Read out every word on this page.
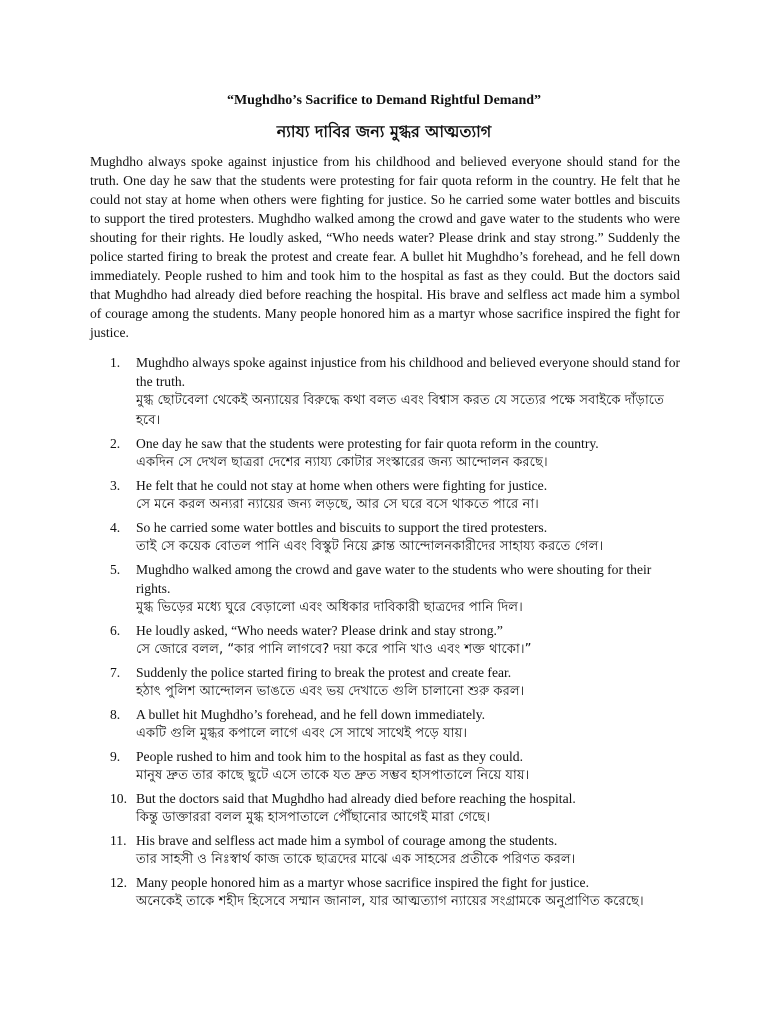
“Mughdho’s Sacrifice to Demand Rightful Demand”
ন্যায্য দাবির জন্য মুগ্ধর আত্মত্যাগ
Mughdho always spoke against injustice from his childhood and believed everyone should stand for the truth. One day he saw that the students were protesting for fair quota reform in the country. He felt that he could not stay at home when others were fighting for justice. So he carried some water bottles and biscuits to support the tired protesters. Mughdho walked among the crowd and gave water to the students who were shouting for their rights. He loudly asked, “Who needs water? Please drink and stay strong.” Suddenly the police started firing to break the protest and create fear. A bullet hit Mughdho’s forehead, and he fell down immediately. People rushed to him and took him to the hospital as fast as they could. But the doctors said that Mughdho had already died before reaching the hospital. His brave and selfless act made him a symbol of courage among the students. Many people honored him as a martyr whose sacrifice inspired the fight for justice.
1. Mughdho always spoke against injustice from his childhood and believed everyone should stand for the truth.
মুগ্ধ ছোটবেলা থেকেই অন্যায়ের বিরুদ্ধে কথা বলত এবং বিশ্বাস করত যে সত্যের পক্ষে সবাইকে দাঁড়াতে হবে।
2. One day he saw that the students were protesting for fair quota reform in the country.
একদিন সে দেখল ছাত্ররা দেশের ন্যায্য কোটার সংস্কারের জন্য আন্দোলন করছে।
3. He felt that he could not stay at home when others were fighting for justice.
সে মনে করল অন্যরা ন্যায়ের জন্য লড়ছে, আর সে ঘরে বসে থাকতে পারে না।
4. So he carried some water bottles and biscuits to support the tired protesters.
তাই সে কয়েক বোতল পানি এবং বিস্কুট নিয়ে ক্লান্ত আন্দোলনকারীদের সাহায্য করতে গেল।
5. Mughdho walked among the crowd and gave water to the students who were shouting for their rights.
মুগ্ধ ভিড়ের মধ্যে ঘুরে বেড়ালো এবং অধিকার দাবিকারী ছাত্রদের পানি দিল।
6. He loudly asked, “Who needs water? Please drink and stay strong.”
সে জোরে বলল, “কার পানি লাগবে? দয়া করে পানি খাও এবং শক্ত থাকো।”
7. Suddenly the police started firing to break the protest and create fear.
হঠাৎ পুলিশ আন্দোলন ভাঙতে এবং ভয় দেখাতে গুলি চালানো শুরু করল।
8. A bullet hit Mughdho’s forehead, and he fell down immediately.
একটি গুলি মুগ্ধর কপালে লাগে এবং সে সাথে সাথেই পড়ে যায়।
9. People rushed to him and took him to the hospital as fast as they could.
মানুষ দ্রুত তার কাছে ছুটে এসে তাকে যত দ্রুত সম্ভব হাসপাতালে নিয়ে যায়।
10. But the doctors said that Mughdho had already died before reaching the hospital.
কিন্তু ডাক্তাররা বলল মুগ্ধ হাসপাতালে পৌঁছানোর আগেই মারা গেছে।
11. His brave and selfless act made him a symbol of courage among the students.
তার সাহসী ও নিঃস্বার্থ কাজ তাকে ছাত্রদের মাঝে এক সাহসের প্রতীকে পরিণত করল।
12. Many people honored him as a martyr whose sacrifice inspired the fight for justice.
অনেকেই তাকে শহীদ হিসেবে সম্মান জানাল, যার আত্মত্যাগ ন্যায়ের সংগ্রামকে অনুপ্রাণিত করেছে।
